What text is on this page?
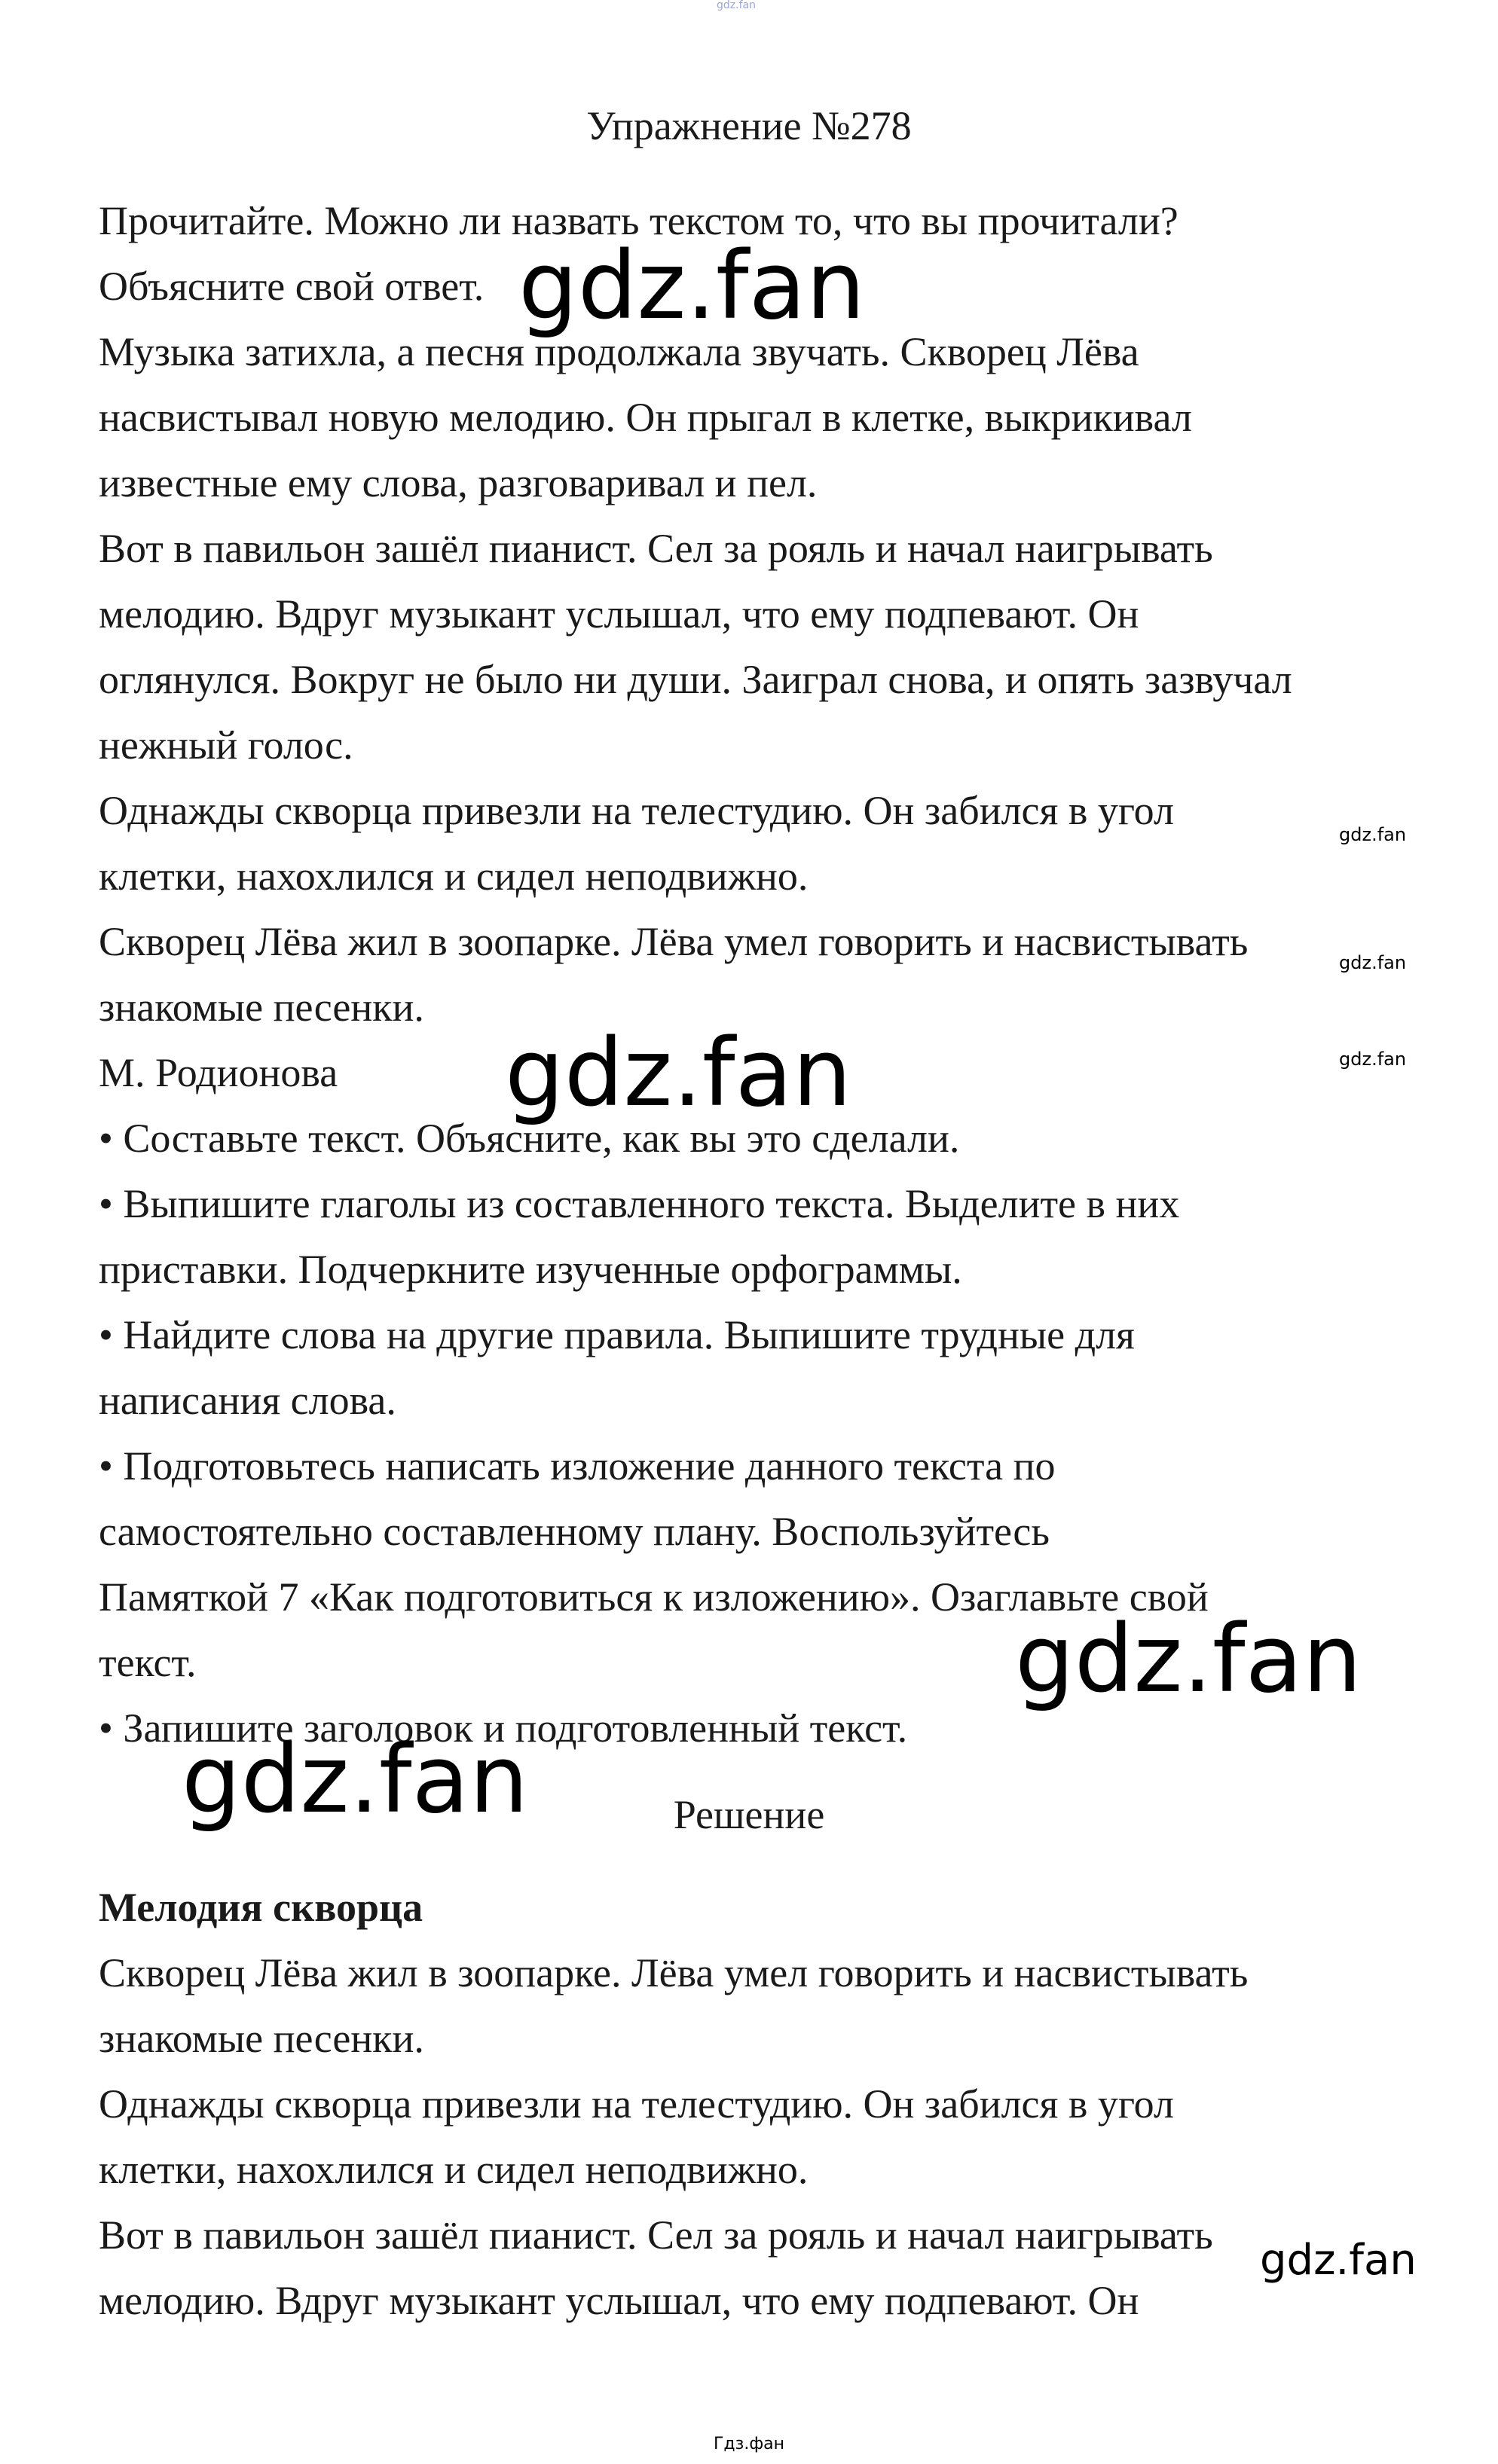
gdz.fan
Упражнение №278
Прочитайте. Можно ли назвать текстом то, что вы прочитали?
Объясните свой ответ.
Музыка затихла, а песня продолжала звучать. Скворец Лёва
насвистывал новую мелодию. Он прыгал в клетке, выкрикивал
известные ему слова, разговаривал и пел.
Вот в павильон зашёл пианист. Сел за рояль и начал наигрывать
мелодию. Вдруг музыкант услышал, что ему подпевают. Он
оглянулся. Вокруг не было ни души. Заиграл снова, и опять зазвучал
нежный голос.
Однажды скворца привезли на телестудию. Он забился в угол
клетки, нахохлился и сидел неподвижно.
Скворец Лёва жил в зоопарке. Лёва умел говорить и насвистывать
знакомые песенки.
М. Родионова
• Составьте текст. Объясните, как вы это сделали.
• Выпишите глаголы из составленного текста. Выделите в них
приставки. Подчеркните изученные орфограммы.
• Найдите слова на другие правила. Выпишите трудные для
написания слова.
• Подготовьтесь написать изложение данного текста по
самостоятельно составленному плану. Воспользуйтесь
Памяткой 7 «Как подготовиться к изложению». Озаглавьте свой
текст.
• Запишите заголовок и подготовленный текст.
Решение
Мелодия скворца
Скворец Лёва жил в зоопарке. Лёва умел говорить и насвистывать
знакомые песенки.
Однажды скворца привезли на телестудию. Он забился в угол
клетки, нахохлился и сидел неподвижно.
Вот в павильон зашёл пианист. Сел за рояль и начал наигрывать
мелодию. Вдруг музыкант услышал, что ему подпевают. Он
gdz.fan
gdz.fan
gdz.fan
gdz.fan
gdz.fan
gdz.fan
gdz.fan
gdz.fan
Гдз.фан
